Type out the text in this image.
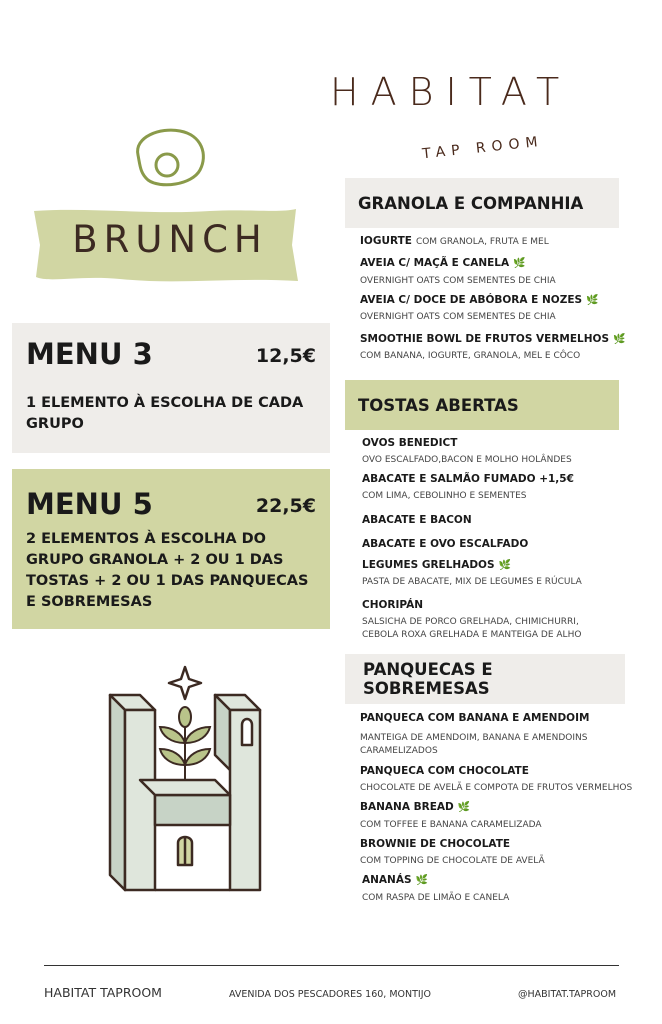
HABITAT
TAP ROOM
BRUNCH
MENU 3	12,5€
1 ELEMENTO À ESCOLHA DE CADA GRUPO
MENU 5	22,5€
2 ELEMENTOS À ESCOLHA DO GRUPO GRANOLA + 2 OU 1 DAS TOSTAS + 2 OU 1 DAS PANQUECAS E SOBREMESAS
GRANOLA E COMPANHIA
IOGURTE COM GRANOLA, FRUTA E MEL
AVEIA C/ MAÇÃ E CANELA 🌿
OVERNIGHT OATS COM SEMENTES DE CHIA
AVEIA C/ DOCE DE ABÓBORA E NOZES 🌿
OVERNIGHT OATS COM SEMENTES DE CHIA
SMOOTHIE BOWL DE FRUTOS VERMELHOS 🌿
COM BANANA, IOGURTE, GRANOLA, MEL E CÔCO
TOSTAS ABERTAS
OVOS BENEDICT
OVO ESCALFADO,BACON E MOLHO HOLÂNDES
ABACATE E SALMÃO FUMADO +1,5€
COM LIMA, CEBOLINHO E SEMENTES
ABACATE E BACON
ABACATE E OVO ESCALFADO
LEGUMES GRELHADOS 🌿
PASTA DE ABACATE, MIX DE LEGUMES E RÚCULA
CHORIPÁN
SALSICHA DE PORCO GRELHADA, CHIMICHURRI, CEBOLA ROXA GRELHADA E MANTEIGA DE ALHO
PANQUECAS E SOBREMESAS
PANQUECA COM BANANA E AMENDOIM
MANTEIGA DE AMENDOIM, BANANA E AMENDOINS CARAMELIZADOS
PANQUECA COM CHOCOLATE
CHOCOLATE DE AVELÃ E COMPOTA DE FRUTOS VERMELHOS
BANANA BREAD 🌿
COM TOFFEE E BANANA CARAMELIZADA
BROWNIE DE CHOCOLATE
COM TOPPING DE CHOCOLATE DE AVELÃ
ANANÁS 🌿
COM RASPA DE LIMÃO E CANELA
HABITAT TAPROOM	AVENIDA DOS PESCADORES 160, MONTIJO	@HABITAT.TAPROOM
